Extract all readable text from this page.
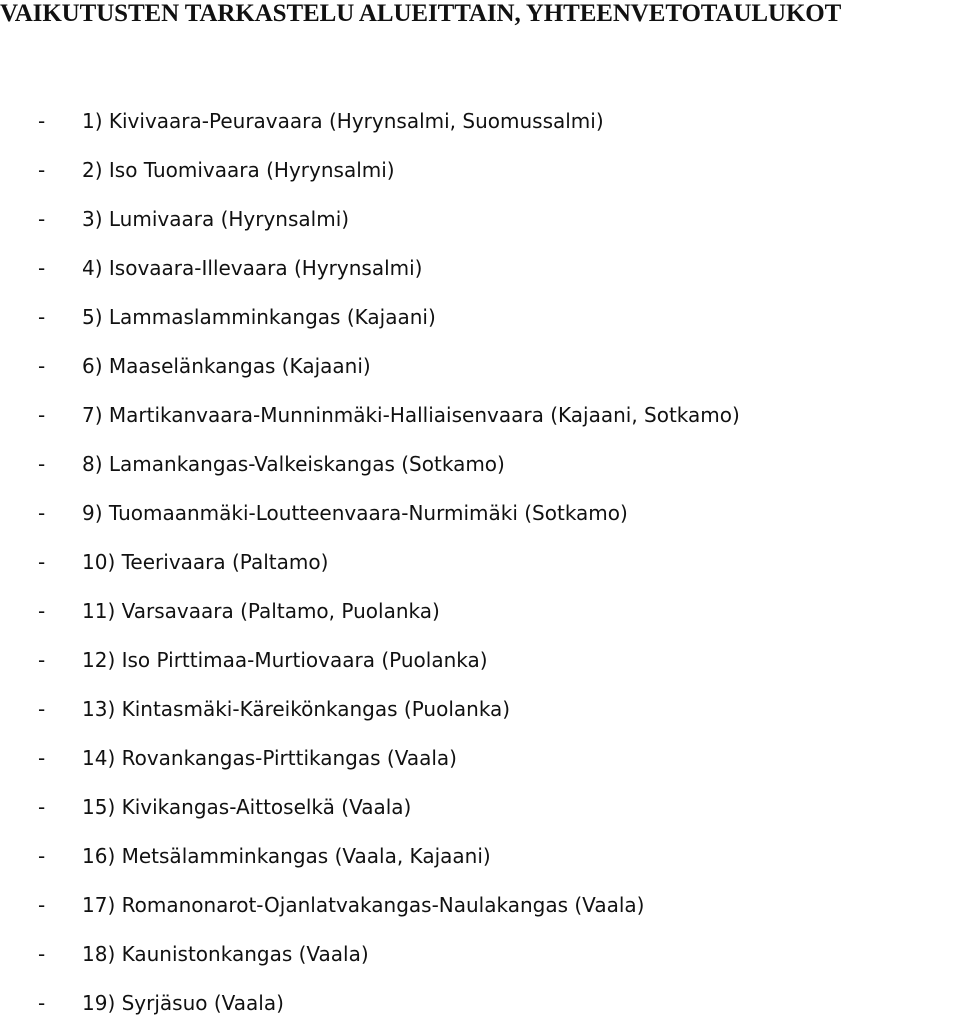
VAIKUTUSTEN TARKASTELU ALUEITTAIN, YHTEENVETOTAULUKOT
-	1) Kivivaara-Peuravaara (Hyrynsalmi, Suomussalmi)
-	2) Iso Tuomivaara (Hyrynsalmi)
-	3) Lumivaara (Hyrynsalmi)
-	4) Isovaara-Illevaara (Hyrynsalmi)
-	5) Lammaslamminkangas (Kajaani)
-	6) Maaselänkangas (Kajaani)
-	7) Martikanvaara-Munninmäki-Halliaisenvaara (Kajaani, Sotkamo)
-	8) Lamankangas-Valkeiskangas (Sotkamo)
-	9) Tuomaanmäki-Loutteenvaara-Nurmimäki (Sotkamo)
-	10) Teerivaara (Paltamo)
-	11) Varsavaara (Paltamo, Puolanka)
-	12) Iso Pirttimaa-Murtiovaara (Puolanka)
-	13) Kintasmäki-Käreikönkangas (Puolanka)
-	14) Rovankangas-Pirttikangas (Vaala)
-	15) Kivikangas-Aittoselkä (Vaala)
-	16) Metsälamminkangas (Vaala, Kajaani)
-	17) Romanonarot-Ojanlatvakangas-Naulakangas (Vaala)
-	18) Kaunistonkangas (Vaala)
-	19) Syrjäsuo (Vaala)
